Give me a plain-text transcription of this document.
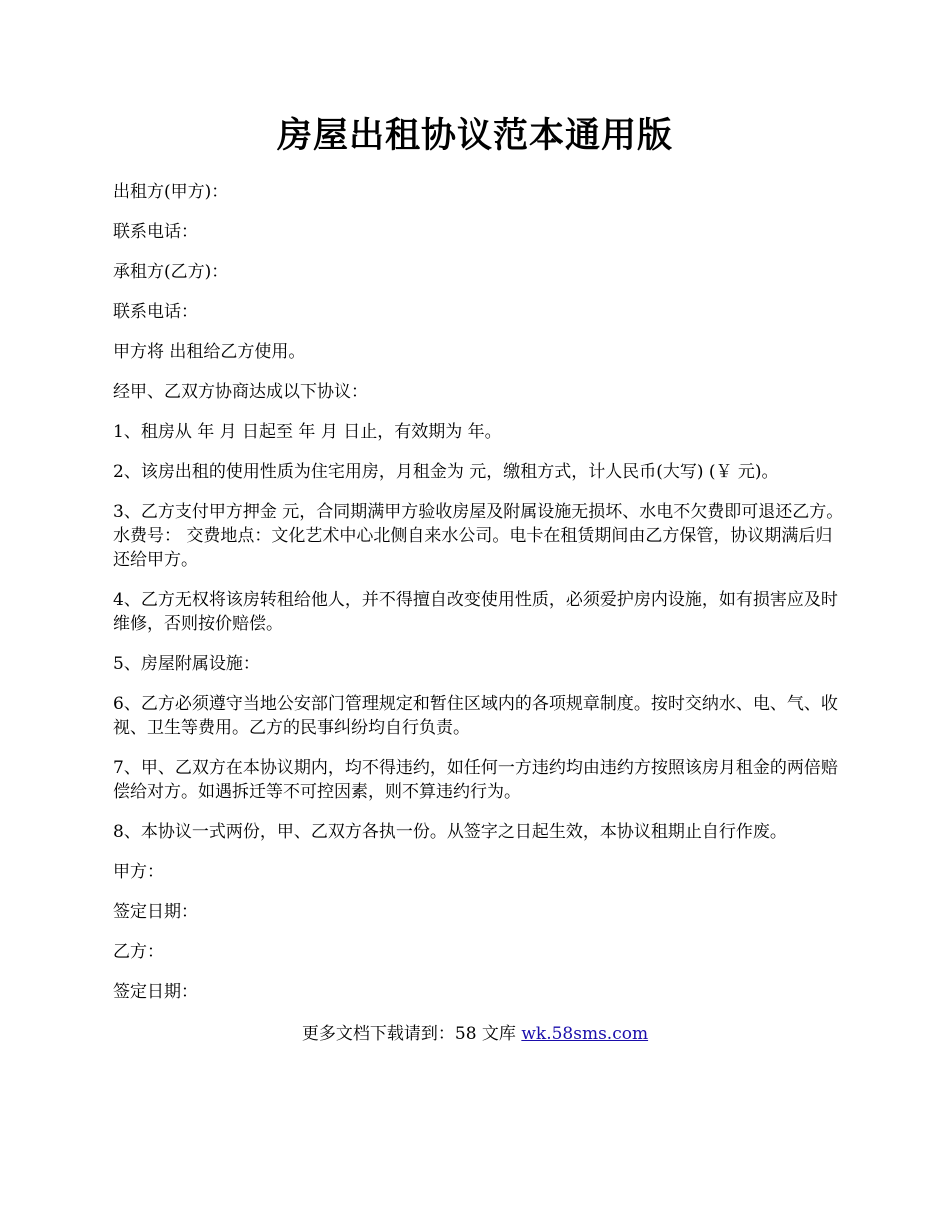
房屋出租协议范本通用版

出租方(甲方)：

联系电话：

承租方(乙方)：

联系电话：

甲方将 出租给乙方使用。

经甲、乙双方协商达成以下协议：

1、租房从 年 月 日起至 年 月 日止，有效期为 年。

2、该房出租的使用性质为住宅用房，月租金为 元，缴租方式，计人民币(大写) (￥ 元)。

3、乙方支付甲方押金 元，合同期满甲方验收房屋及附属设施无损坏、水电不欠费即可退还乙方。水费号： 交费地点：文化艺术中心北侧自来水公司。电卡在租赁期间由乙方保管，协议期满后归还给甲方。

4、乙方无权将该房转租给他人，并不得擅自改变使用性质，必须爱护房内设施，如有损害应及时维修，否则按价赔偿。

5、房屋附属设施：

6、乙方必须遵守当地公安部门管理规定和暂住区域内的各项规章制度。按时交纳水、电、气、收视、卫生等费用。乙方的民事纠纷均自行负责。

7、甲、乙双方在本协议期内，均不得违约，如任何一方违约均由违约方按照该房月租金的两倍赔偿给对方。如遇拆迁等不可控因素，则不算违约行为。

8、本协议一式两份，甲、乙双方各执一份。从签字之日起生效，本协议租期止自行作废。

甲方：

签定日期：

乙方：

签定日期：

更多文档下载请到：58 文库 wk.58sms.com
